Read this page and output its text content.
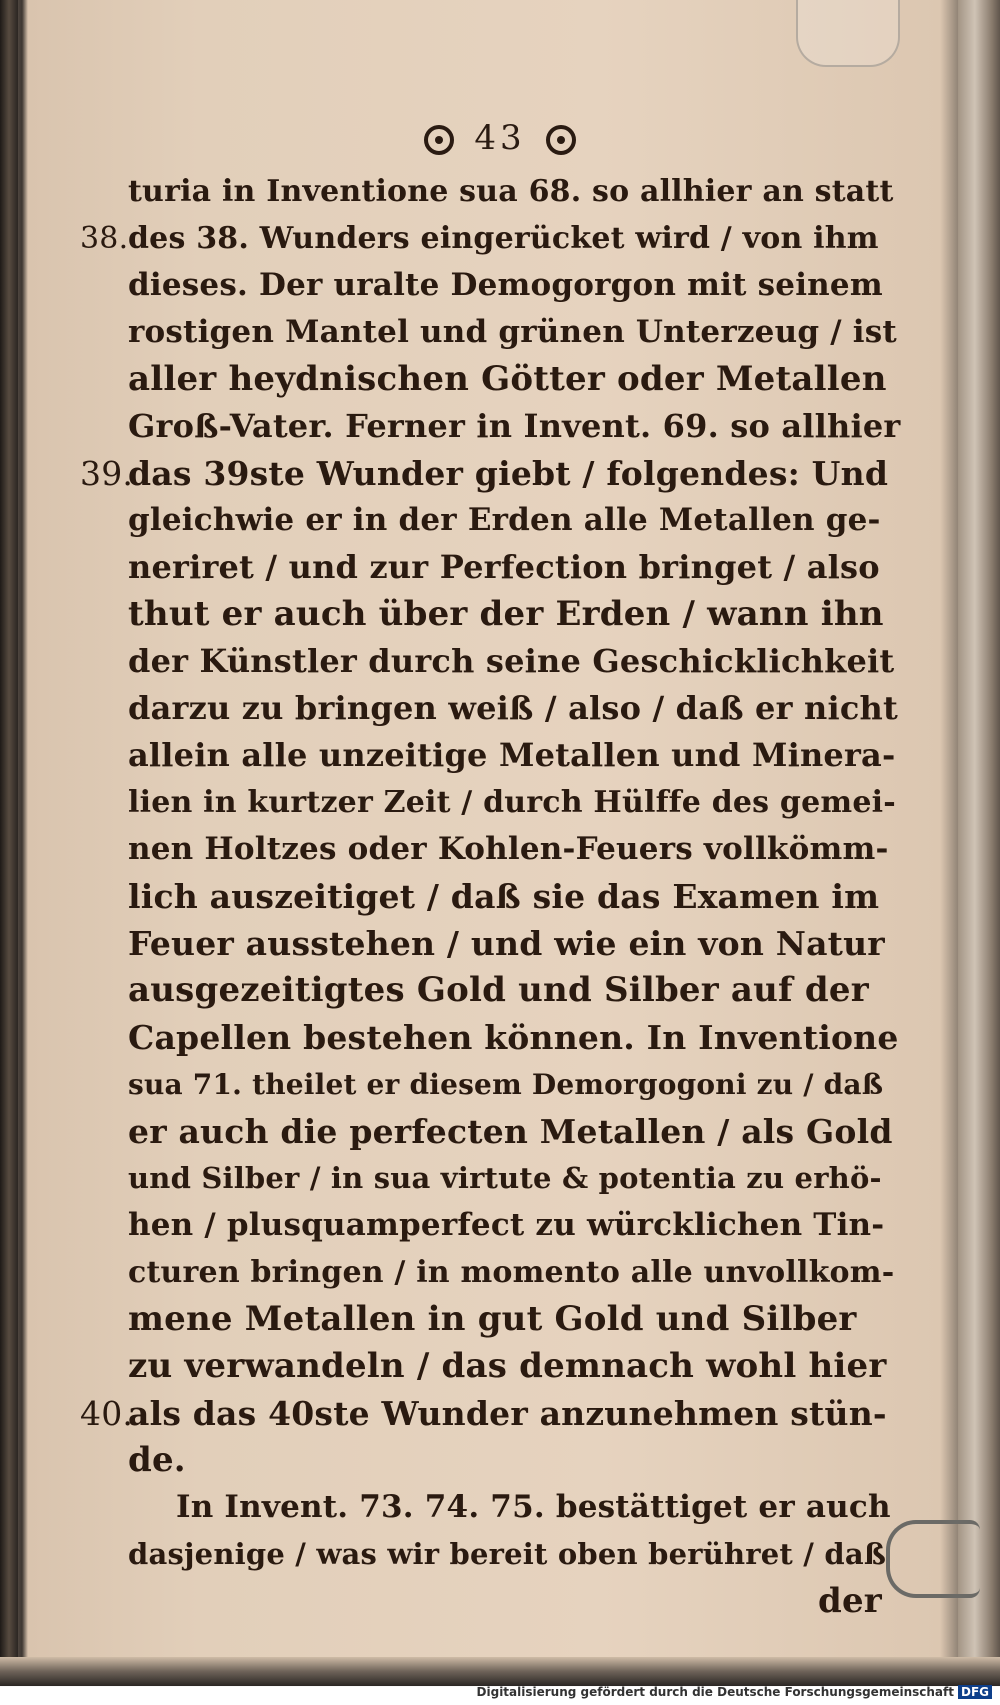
43
turia in Inventione sua 68. so allhier an statt
38.des 38. Wunders eingerücket wird / von ihm
dieses. Der uralte Demogorgon mit seinem
rostigen Mantel und grünen Unterzeug / ist
aller heydnischen Götter oder Metallen
Groß-Vater. Ferner in Invent. 69. so allhier
39.das 39ste Wunder giebt / folgendes: Und
gleichwie er in der Erden alle Metallen ge-
neriret / und zur Perfection bringet / also
thut er auch über der Erden / wann ihn
der Künstler durch seine Geschicklichkeit
darzu zu bringen weiß / also / daß er nicht
allein alle unzeitige Metallen und Minera-
lien in kurtzer Zeit / durch Hülffe des gemei-
nen Holtzes oder Kohlen-Feuers vollkömm-
lich auszeitiget / daß sie das Examen im
Feuer ausstehen / und wie ein von Natur
ausgezeitigtes Gold und Silber auf der
Capellen bestehen können. In Inventione
sua 71. theilet er diesem Demorgogoni zu / daß
er auch die perfecten Metallen / als Gold
und Silber / in sua virtute & potentia zu erhö-
hen / plusquamperfect zu würcklichen Tin-
cturen bringen / in momento alle unvollkom-
mene Metallen in gut Gold und Silber
zu verwandeln / das demnach wohl hier
40.als das 40ste Wunder anzunehmen stün-
de.
In Invent. 73. 74. 75. bestättiget er auch
dasjenige / was wir bereit oben berühret / daß
der
Digitalisierung gefördert durch die Deutsche Forschungsgemeinschaft DFG
